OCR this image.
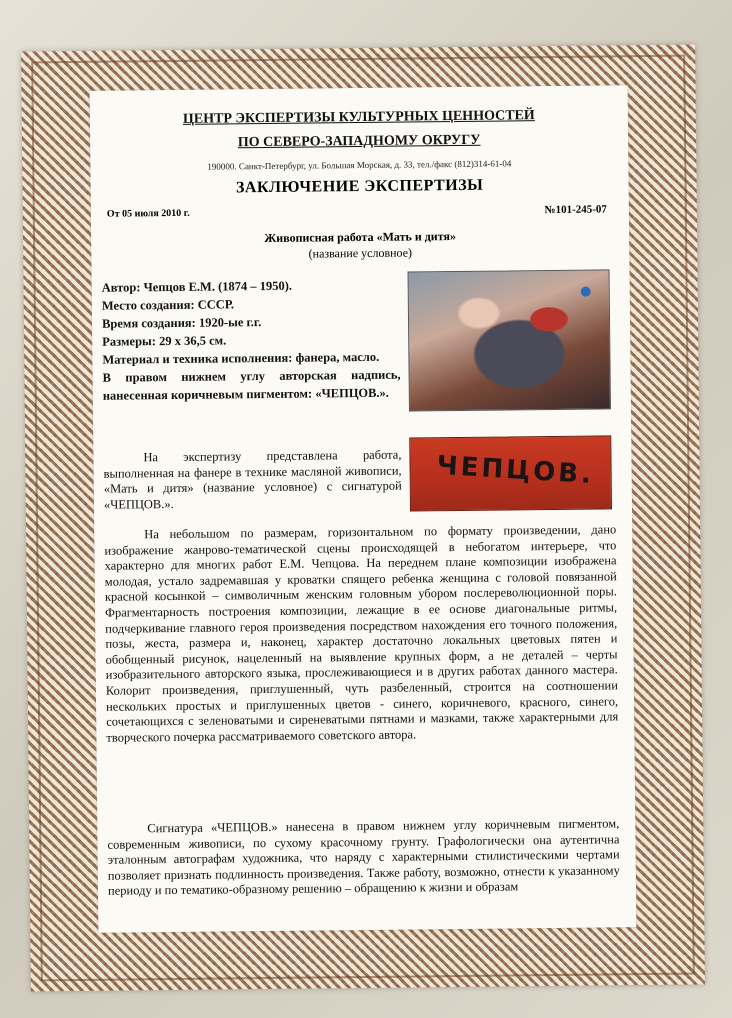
ЦЕНТР ЭКСПЕРТИЗЫ КУЛЬТУРНЫХ ЦЕННОСТЕЙ
ПО СЕВЕРО-ЗАПАДНОМУ ОКРУГУ
190000. Санкт-Петербург, ул. Большая Морская, д. 33, тел./факс (812)314-61-04
ЗАКЛЮЧЕНИЕ ЭКСПЕРТИЗЫ
От 05 июля 2010 г.	№101-245-07
Живописная работа «Мать и дитя»
(название условное)
Автор: Чепцов Е.М. (1874 – 1950).
Место создания: СССР.
Время создания: 1920-ые г.г.
Размеры: 29 х 36,5 см.
Материал и техника исполнения: фанера, масло.
В правом нижнем углу авторская надпись, нанесенная коричневым пигментом: «ЧЕПЦОВ.».
ЧЕПЦОВ.
На экспертизу представлена работа, выполненная на фанере в технике масляной живописи, «Мать и дитя» (название условное) с сигнатурой «ЧЕПЦОВ.».
На небольшом по размерам, горизонтальном по формату произведении, дано изображение жанрово-тематической сцены происходящей в небогатом интерьере, что характерно для многих работ Е.М. Чепцова. На переднем плане композиции изображена молодая, устало задремавшая у кроватки спящего ребенка женщина с головой повязанной красной косынкой – символичным женским головным убором послереволюционной поры. Фрагментарность построения композиции, лежащие в ее основе диагональные ритмы, подчеркивание главного героя произведения посредством нахождения его точного положения, позы, жеста, размера и, наконец, характер достаточно локальных цветовых пятен и обобщенный рисунок, нацеленный на выявление крупных форм, а не деталей – черты изобразительного авторского языка, прослеживающиеся и в других работах данного мастера. Колорит произведения, приглушенный, чуть разбеленный, строится на соотношении нескольких простых и приглушенных цветов - синего, коричневого, красного, синего, сочетающихся с зеленоватыми и сиреневатыми пятнами и мазками, также характерными для творческого почерка рассматриваемого советского автора.
Сигнатура «ЧЕПЦОВ.» нанесена в правом нижнем углу коричневым пигментом, современным живописи, по сухому красочному грунту. Графологически она аутентична эталонным автографам художника, что наряду с характерными стилистическими чертами позволяет признать подлинность произведения. Также работу, возможно, отнести к указанному периоду и по тематико-образному решению – обращению к жизни и образам
